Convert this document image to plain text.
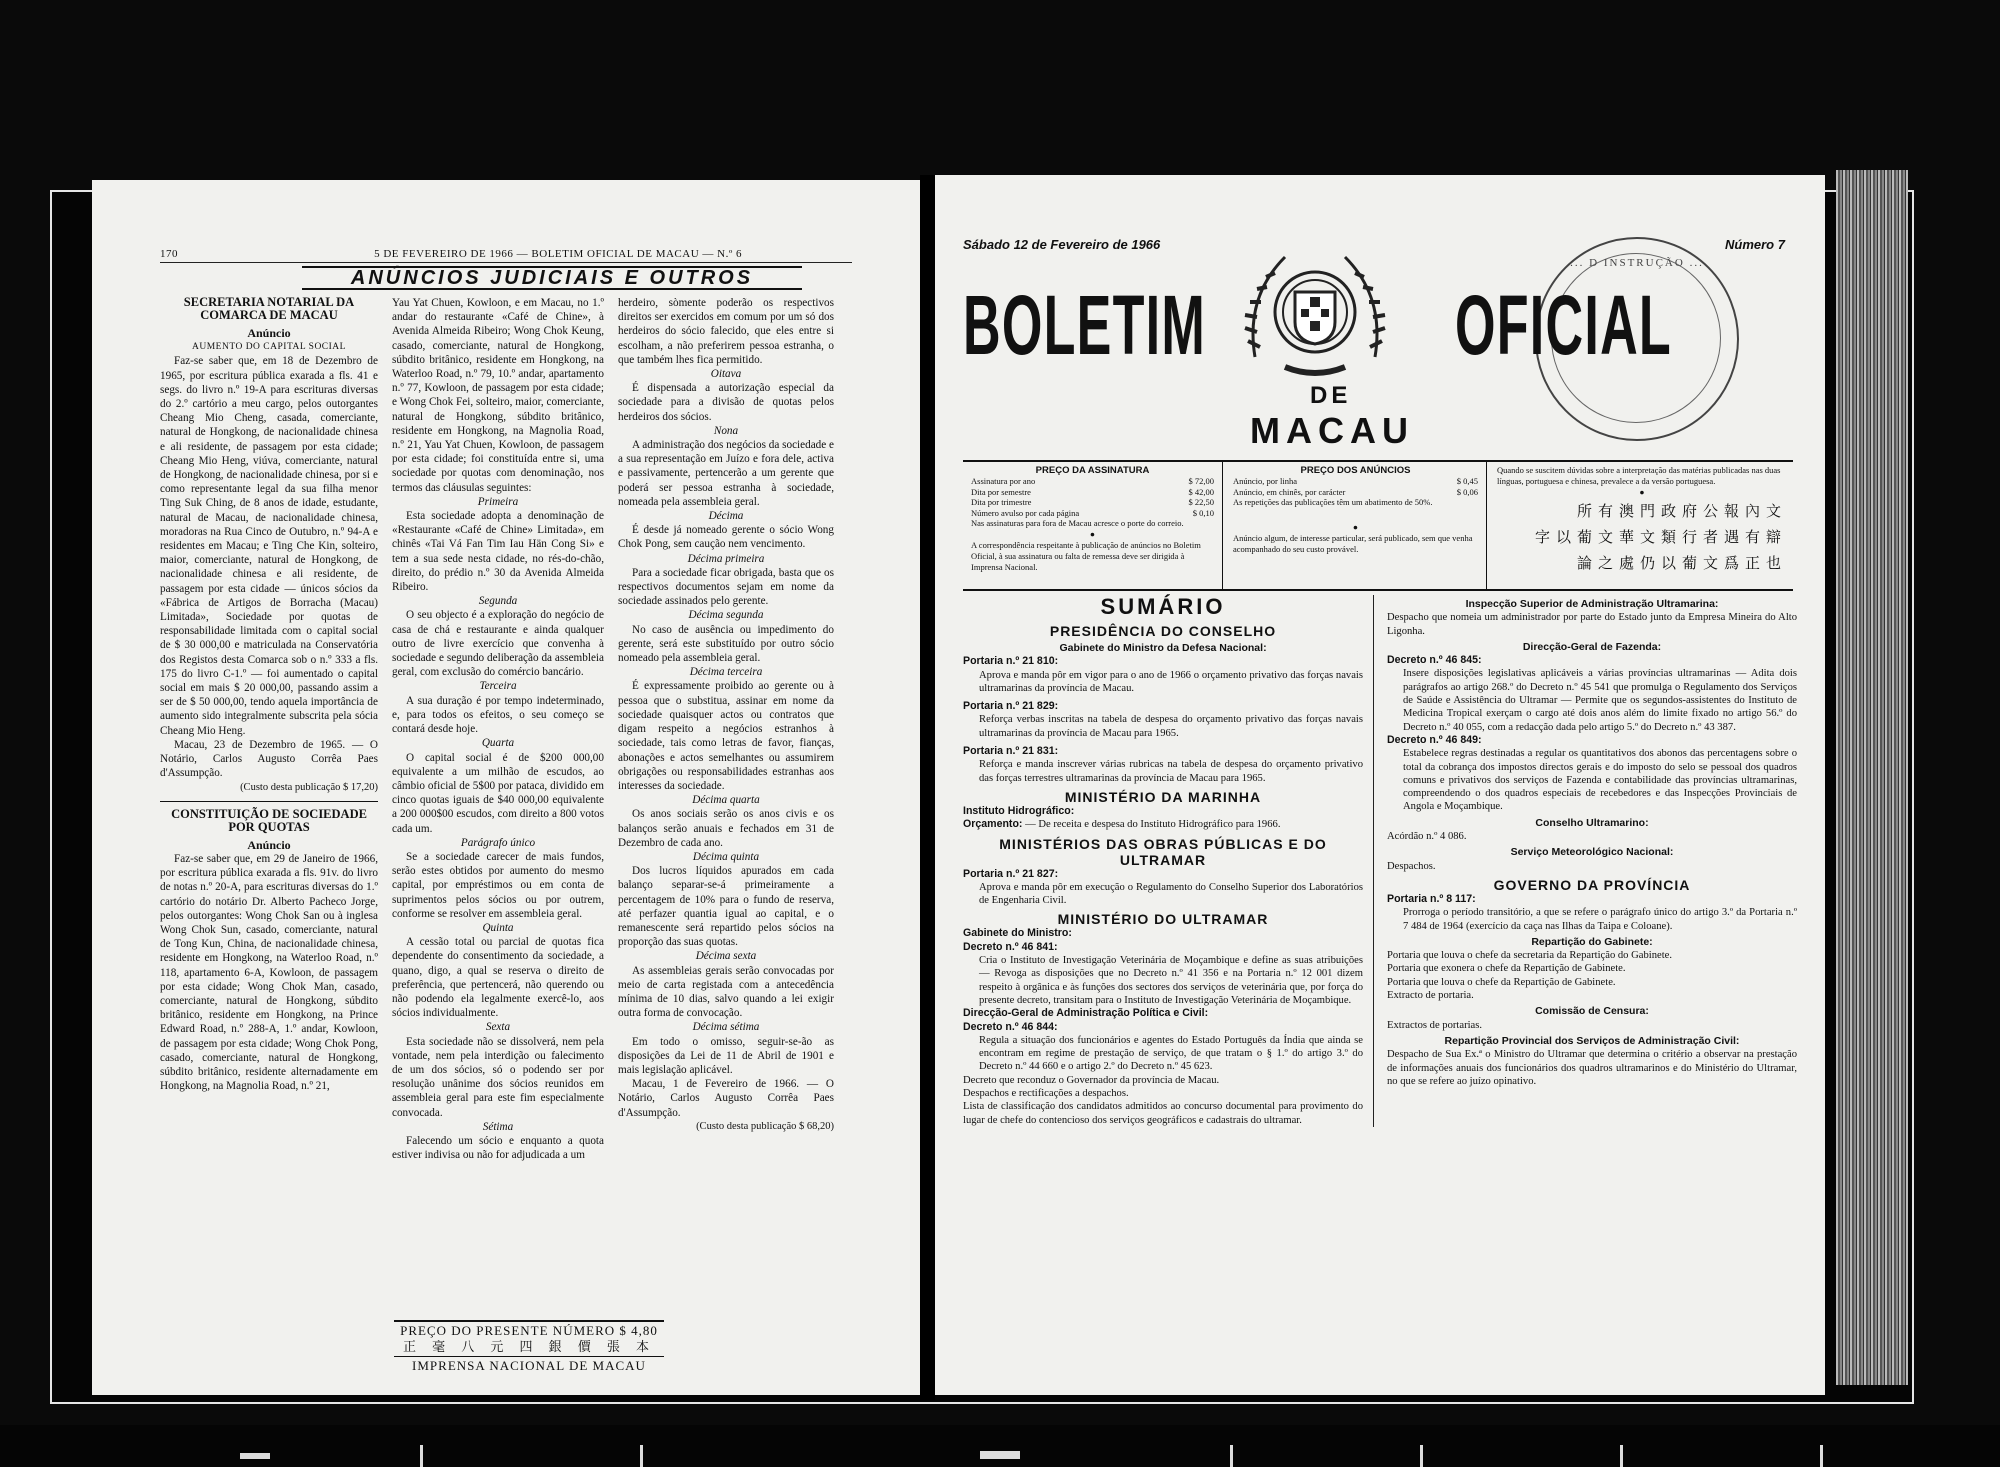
170	5 DE FEVEREIRO DE 1966 — BOLETIM OFICIAL DE MACAU — N.º 6
ANÚNCIOS JUDICIAIS E OUTROS

SECRETARIA NOTARIAL DA COMARCA DE MACAU

Anúncio

AUMENTO DO CAPITAL SOCIAL

Faz-se saber que, em 18 de Dezembro de 1965, por escritura pública exarada a fls. 41 e segs. do livro n.º 19-A para escrituras diversas do 2.º cartório a meu cargo, pelos outorgantes Cheang Mio Cheng, casada, comerciante, natural de Hongkong, de nacionalidade chinesa e ali residente, de passagem por esta cidade; Cheang Mio Heng, viúva, comerciante, natural de Hongkong, de nacionalidade chinesa, por si e como representante legal da sua filha menor Ting Suk Ching, de 8 anos de idade, estudante, natural de Macau, de nacionalidade chinesa, moradoras na Rua Cinco de Outubro, n.º 94-A e residentes em Macau; e Ting Che Kin, solteiro, maior, comerciante, natural de Hongkong, de nacionalidade chinesa e ali residente, de passagem por esta cidade — únicos sócios da «Fábrica de Artigos de Borracha (Macau) Limitada», Sociedade por quotas de responsabilidade limitada com o capital social de $ 30 000,00 e matriculada na Conservatória dos Registos desta Comarca sob o n.º 333 a fls. 175 do livro C-1.º — foi aumentado o capital social em mais $ 20 000,00, passando assim a ser de $ 50 000,00, tendo aquela importância de aumento sido integralmente subscrita pela sócia Cheang Mio Heng.

Macau, 23 de Dezembro de 1965. — O Notário, Carlos Augusto Corrêa Paes d'Assumpção.

(Custo desta publicação $ 17,20)

CONSTITUIÇÃO DE SOCIEDADE POR QUOTAS

Anúncio

Faz-se saber que, em 29 de Janeiro de 1966, por escritura pública exarada a fls. 91v. do livro de notas n.º 20-A, para escrituras diversas do 1.º cartório do notário Dr. Alberto Pacheco Jorge, pelos outorgantes: Wong Chok San ou à inglesa Wong Chok Sun, casado, comerciante, natural de Tong Kun, China, de nacionalidade chinesa, residente em Hongkong, na Waterloo Road, n.º 118, apartamento 6-A, Kowloon, de passagem por esta cidade; Wong Chok Man, casado, comerciante, natural de Hongkong, súbdito britânico, residente em Hongkong, na Prince Edward Road, n.º 288-A, 1.º andar, Kowloon, de passagem por esta cidade; Wong Chok Pong, casado, comerciante, natural de Hongkong, súbdito britânico, residente alternadamente em Hongkong, na Magnolia Road, n.º 21,

Yau Yat Chuen, Kowloon, e em Macau, no 1.º andar do restaurante «Café de Chine», à Avenida Almeida Ribeiro; Wong Chok Keung, casado, comerciante, natural de Hongkong, súbdito britânico, residente em Hongkong, na Waterloo Road, n.º 79, 10.º andar, apartamento n.º 77, Kowloon, de passagem por esta cidade; e Wong Chok Fei, solteiro, maior, comerciante, natural de Hongkong, súbdito britânico, residente em Hongkong, na Magnolia Road, n.º 21, Yau Yat Chuen, Kowloon, de passagem por esta cidade; foi constituída entre si, uma sociedade por quotas com denominação, nos termos das cláusulas seguintes:

Primeira

Esta sociedade adopta a denominação de «Restaurante «Café de Chine» Limitada», em chinês «Tai Vá Fan Tim Iau Hän Cong Si» e tem a sua sede nesta cidade, no rés-do-chão, direito, do prédio n.º 30 da Avenida Almeida Ribeiro.

Segunda

O seu objecto é a exploração do negócio de casa de chá e restaurante e ainda qualquer outro de livre exercício que convenha à sociedade e segundo deliberação da assembleia geral, com exclusão do comércio bancário.

Terceira

A sua duração é por tempo indeterminado, e, para todos os efeitos, o seu começo se contará desde hoje.

Quarta

O capital social é de $200 000,00 equivalente a um milhão de escudos, ao câmbio oficial de 5$00 por pataca, dividido em cinco quotas iguais de $40 000,00 equivalente a 200 000$00 escudos, com direito a 800 votos cada um.

Parágrafo único

Se a sociedade carecer de mais fundos, serão estes obtidos por aumento do mesmo capital, por empréstimos ou em conta de suprimentos pelos sócios ou por outrem, conforme se resolver em assembleia geral.

Quinta

A cessão total ou parcial de quotas fica dependente do consentimento da sociedade, a quano, digo, a qual se reserva o direito de preferência, que pertencerá, não querendo ou não podendo ela legalmente exercê-lo, aos sócios individualmente.

Sexta

Esta sociedade não se dissolverá, nem pela vontade, nem pela interdição ou falecimento de um dos sócios, só o podendo ser por resolução unânime dos sócios reunidos em assembleia geral para este fim especialmente convocada.

Sétima

Falecendo um sócio e enquanto a quota estiver indivisa ou não for adjudicada a um

herdeiro, sòmente poderão os respectivos direitos ser exercidos em comum por um só dos herdeiros do sócio falecido, que eles entre si escolham, a não preferirem pessoa estranha, o que também lhes fica permitido.

Oitava

É dispensada a autorização especial da sociedade para a divisão de quotas pelos herdeiros dos sócios.

Nona

A administração dos negócios da sociedade e a sua representação em Juízo e fora dele, activa e passivamente, pertencerão a um gerente que poderá ser pessoa estranha à sociedade, nomeada pela assembleia geral.

Décima

É desde já nomeado gerente o sócio Wong Chok Pong, sem caução nem vencimento.

Décima primeira

Para a sociedade ficar obrigada, basta que os respectivos documentos sejam em nome da sociedade assinados pelo gerente.

Décima segunda

No caso de ausência ou impedimento do gerente, será este substituído por outro sócio nomeado pela assembleia geral.

Décima terceira

É expressamente proibido ao gerente ou à pessoa que o substitua, assinar em nome da sociedade quaisquer actos ou contratos que digam respeito a negócios estranhos à sociedade, tais como letras de favor, fianças, abonações e actos semelhantes ou assumirem obrigações ou responsabilidades estranhas aos interesses da sociedade.

Décima quarta

Os anos sociais serão os anos civis e os balanços serão anuais e fechados em 31 de Dezembro de cada ano.

Décima quinta

Dos lucros líquidos apurados em cada balanço separar-se-á primeiramente a percentagem de 10% para o fundo de reserva, até perfazer quantia igual ao capital, e o remanescente será repartido pelos sócios na proporção das suas quotas.

Décima sexta

As assembleias gerais serão convocadas por meio de carta registada com a antecedência mínima de 10 dias, salvo quando a lei exigir outra forma de convocação.

Décima sétima

Em todo o omisso, seguir-se-ão as disposições da Lei de 11 de Abril de 1901 e mais legislação aplicável.

Macau, 1 de Fevereiro de 1966. — O Notário, Carlos Augusto Corrêa Paes d'Assumpção.

(Custo desta publicação $ 68,20)

PREÇO DO PRESENTE NÚMERO $ 4,80

正 毫 八 元 四 銀 價 張 本

IMPRENSA NACIONAL DE MACAU

Sábado 12 de Fevereiro de 1966	Número 7
... D INSTRUÇÃO ...
BOLETIM	OFICIAL
DE
MACAU

PREÇO DA ASSINATURA

Assinatura por ano	$ 72,00
Dita por semestre	$ 42,00
Dita por trimestre	$ 22,50
Número avulso por cada página	$ 0,10

Nas assinaturas para fora de Macau acresce o porte do correio.

●

A correspondência respeitante à publicação de anúncios no Boletim Oficial, à sua assinatura ou falta de remessa deve ser dirigida à Imprensa Nacional.

PREÇO DOS ANÚNCIOS

Anúncio, por linha	$ 0,45
Anúncio, em chinês, por carácter	$ 0,06

As repetições das publicações têm um abatimento de 50%.

●

Anúncio algum, de interesse particular, será publicado, sem que venha acompanhado do seu custo provável.

Quando se suscitem dúvidas sobre a interpretação das matérias publicadas nas duas línguas, portuguesa e chinesa, prevalece a da versão portuguesa.

●

所有澳門政府公報內文

字以葡文華文類行者遇有辯

論之處仍以葡文爲正也

SUMÁRIO

PRESIDÊNCIA DO CONSELHO

Gabinete do Ministro da Defesa Nacional:

Portaria n.º 21 810:

Aprova e manda pôr em vigor para o ano de 1966 o orçamento privativo das forças navais ultramarinas da província de Macau.

Portaria n.º 21 829:

Reforça verbas inscritas na tabela de despesa do orçamento privativo das forças navais ultramarinas da província de Macau para 1965.

Portaria n.º 21 831:

Reforça e manda inscrever várias rubricas na tabela de despesa do orçamento privativo das forças terrestres ultramarinas da província de Macau para 1965.

MINISTÉRIO DA MARINHA

Instituto Hidrográfico:

Orçamento: — De receita e despesa do Instituto Hidrográfico para 1966.

MINISTÉRIOS DAS OBRAS PÚBLICAS E DO ULTRAMAR

Portaria n.º 21 827:

Aprova e manda pôr em execução o Regulamento do Conselho Superior dos Laboratórios de Engenharia Civil.

MINISTÉRIO DO ULTRAMAR

Gabinete do Ministro:

Decreto n.º 46 841:

Cria o Instituto de Investigação Veterinária de Moçambique e define as suas atribuições — Revoga as disposições que no Decreto n.º 41 356 e na Portaria n.º 12 001 dizem respeito à orgânica e às funções dos sectores dos serviços de veterinária que, por força do presente decreto, transitam para o Instituto de Investigação Veterinária de Moçambique.

Direcção-Geral de Administração Política e Civil:

Decreto n.º 46 844:

Regula a situação dos funcionários e agentes do Estado Português da Índia que ainda se encontram em regime de prestação de serviço, de que tratam o § 1.º do artigo 3.º do Decreto n.º 44 660 e o artigo 2.º do Decreto n.º 45 623.

Decreto que reconduz o Governador da província de Macau.

Despachos e rectificações a despachos.

Lista de classificação dos candidatos admitidos ao concurso documental para provimento do lugar de chefe do contencioso dos serviços geográficos e cadastrais do ultramar.

Inspecção Superior de Administração Ultramarina:

Despacho que nomeia um administrador por parte do Estado junto da Empresa Mineira do Alto Ligonha.

Direcção-Geral de Fazenda:

Decreto n.º 46 845:

Insere disposições legislativas aplicáveis a várias províncias ultramarinas — Adita dois parágrafos ao artigo 268.º do Decreto n.º 45 541 que promulga o Regulamento dos Serviços de Saúde e Assistência do Ultramar — Permite que os segundos-assistentes do Instituto de Medicina Tropical exerçam o cargo até dois anos além do limite fixado no artigo 56.º do Decreto n.º 40 055, com a redacção dada pelo artigo 5.º do Decreto n.º 43 387.

Decreto n.º 46 849:

Estabelece regras destinadas a regular os quantitativos dos abonos das percentagens sobre o total da cobrança dos impostos directos gerais e do imposto do selo se pessoal dos quadros comuns e privativos dos serviços de Fazenda e contabilidade das províncias ultramarinas, compreendendo o dos quadros especiais de recebedores e das Inspecções Provinciais de Angola e Moçambique.

Conselho Ultramarino:

Acórdão n.º 4 086.

Serviço Meteorológico Nacional:

Despachos.

GOVERNO DA PROVÍNCIA

Portaria n.º 8 117:

Prorroga o período transitório, a que se refere o parágrafo único do artigo 3.º da Portaria n.º 7 484 de 1964 (exercício da caça nas Ilhas da Taipa e Coloane).

Repartição do Gabinete:

Portaria que louva o chefe da secretaria da Repartição do Gabinete.

Portaria que exonera o chefe da Repartição de Gabinete.

Portaria que louva o chefe da Repartição de Gabinete.

Extracto de portaria.

Comissão de Censura:

Extractos de portarias.

Repartição Provincial dos Serviços de Administração Civil:

Despacho de Sua Ex.ª o Ministro do Ultramar que determina o critério a observar na prestação de informações anuais dos funcionários dos quadros ultramarinos e do Ministério do Ultramar, no que se refere ao juízo opinativo.
